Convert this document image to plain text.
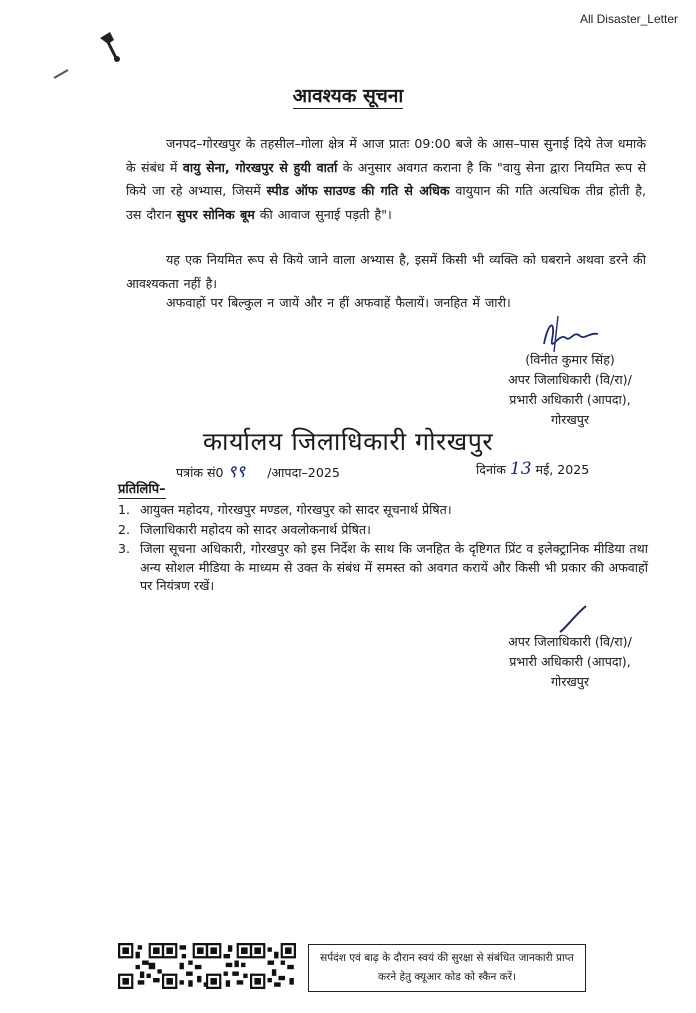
All Disaster_Letter
आवश्यक सूचना
जनपद–गोरखपुर के तहसील–गोला क्षेत्र में आज प्रातः 09:00 बजे के आस–पास सुनाई दिये तेज धमाके के संबंध में वायु सेना, गोरखपुर से हुयी वार्ता के अनुसार अवगत कराना है कि "वायु सेना द्वारा नियमित रूप से किये जा रहे अभ्यास, जिसमें स्पीड ऑफ साउण्ड की गति से अधिक वायुयान की गति अत्यधिक तीव्र होती है, उस दौरान सुपर सोनिक बूम की आवाज सुनाई पड़ती है"।
यह एक नियमित रूप से किये जाने वाला अभ्यास है, इसमें किसी भी व्यक्ति को घबराने अथवा डरने की आवश्यकता नहीं है।
अफवाहों पर बिल्कुल न जायें और न हीं अफवाहें फैलायें। जनहित में जारी।
(विनीत कुमार सिंह)
अपर जिलाधिकारी (वि/रा)/
प्रभारी अधिकारी (आपदा),
गोरखपुर
कार्यालय जिलाधिकारी गोरखपुर
पत्रांक सं0 ९९ /आपदा–2025	दिनांक 13 मई, 2025
प्रतिलिपि–
1. आयुक्त महोदय, गोरखपुर मण्डल, गोरखपुर को सादर सूचनार्थ प्रेषित।
2. जिलाधिकारी महोदय को सादर अवलोकनार्थ प्रेषित।
3. जिला सूचना अधिकारी, गोरखपुर को इस निर्देश के साथ कि जनहित के दृष्टिगत प्रिंट व इलेक्ट्रानिक मीडिया तथा अन्य सोशल मीडिया के माध्यम से उक्त के संबंध में समस्त को अवगत करायें और किसी भी प्रकार की अफवाहों पर नियंत्रण रखें।
अपर जिलाधिकारी (वि/रा)/
प्रभारी अधिकारी (आपदा),
गोरखपुर
सर्पदंश एवं बाढ़ के दौरान स्वयं की सुरक्षा से संबंधित जानकारी प्राप्त
करने हेतु क्यूआर कोड को स्कैन करें।
